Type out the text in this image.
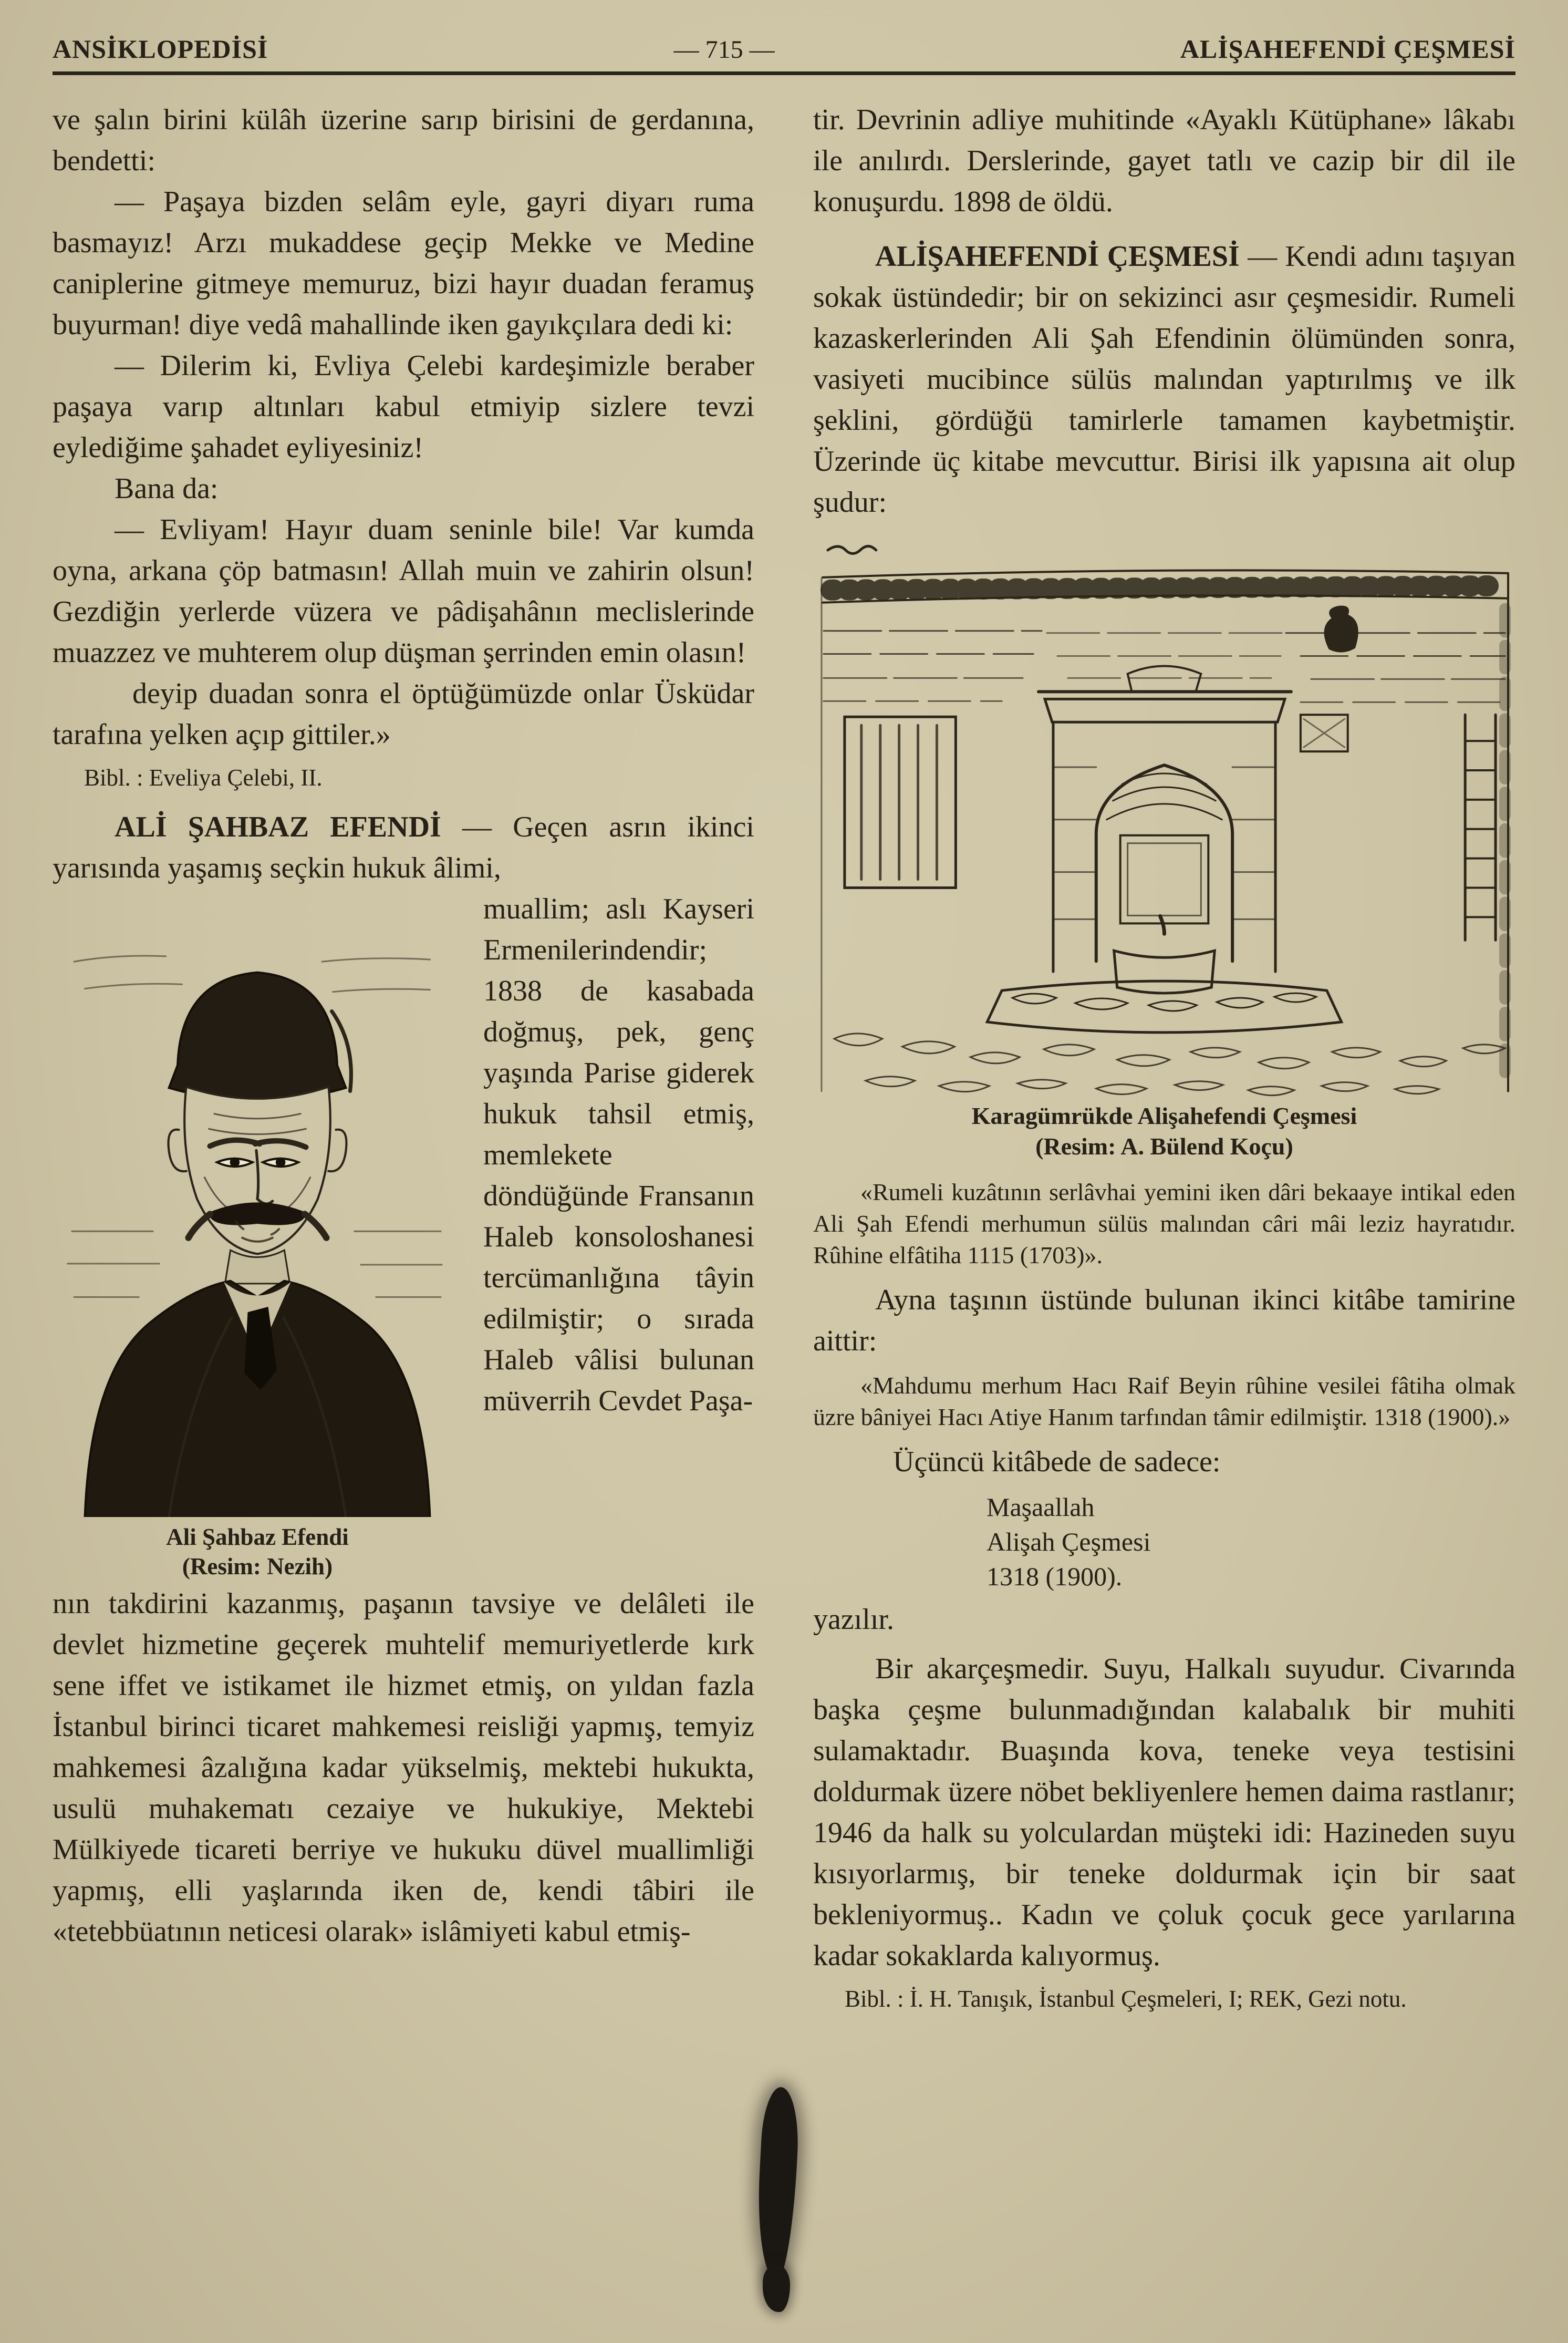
ANSİKLOPEDİSİ	— 715 —	ALİŞAHEFENDİ ÇEŞMESİ

ve şalın birini külâh üzerine sarıp birisini de gerdanına, bendetti:

— Paşaya bizden selâm eyle, gayri diyarı ruma basmayız! Arzı mukaddese geçip Mekke ve Medine caniplerine gitmeye memuruz, bizi hayır duadan feramuş buyurman! diye vedâ mahallinde iken gayıkçılara dedi ki:

— Dilerim ki, Evliya Çelebi kardeşimizle beraber paşaya varıp altınları kabul etmiyip sizlere tevzi eylediğime şahadet eyliyesiniz!

Bana da:

— Evliyam! Hayır duam seninle bile! Var kumda oyna, arkana çöp batmasın! Allah muin ve zahirin olsun! Gezdiğin yerlerde vüzera ve pâdişahânın meclislerinde muazzez ve muhterem olup düşman şerrinden emin olasın!

deyip duadan sonra el öptüğümüzde onlar Üsküdar tarafına yelken açıp gittiler.»

Bibl. : Eveliya Çelebi, II.

ALİ ŞAHBAZ EFENDİ — Geçen asrın ikinci yarısında yaşamış seçkin hukuk âlimi,

Ali Şahbaz Efendi
(Resim: Nezih)

muallim; aslı Kayseri Ermenilerindendir; 1838 de kasabada doğmuş, pek, genç yaşında Parise giderek hukuk tahsil etmiş, memlekete döndüğünde Fransanın Haleb konsoloshanesi tercümanlığına tâyin edilmiştir; o sırada Haleb vâlisi bulunan müverrih Cevdet Paşa-

nın takdirini kazanmış, paşanın tavsiye ve delâleti ile devlet hizmetine geçerek muhtelif memuriyetlerde kırk sene iffet ve istikamet ile hizmet etmiş, on yıldan fazla İstanbul birinci ticaret mahkemesi reisliği yapmış, temyiz mahkemesi âzalığına kadar yükselmiş, mektebi hukukta, usulü muhakematı cezaiye ve hukukiye, Mektebi Mülkiyede ticareti berriye ve hukuku düvel muallimliği yapmış, elli yaşlarında iken de, kendi tâbiri ile «tetebbüatının neticesi olarak» islâmiyeti kabul etmiş-

tir. Devrinin adliye muhitinde «Ayaklı Kütüphane» lâkabı ile anılırdı. Derslerinde, gayet tatlı ve cazip bir dil ile konuşurdu. 1898 de öldü.

ALİŞAHEFENDİ ÇEŞMESİ — Kendi adını taşıyan sokak üstündedir; bir on sekizinci asır çeşmesidir. Rumeli kazaskerlerinden Ali Şah Efendinin ölümünden sonra, vasiyeti mucibince sülüs malından yaptırılmış ve ilk şeklini, gördüğü tamirlerle tamamen kaybetmiştir. Üzerinde üç kitabe mevcuttur. Birisi ilk yapısına ait olup şudur:

Karagümrükde Alişahefendi Çeşmesi
(Resim: A. Bülend Koçu)

«Rumeli kuzâtının serlâvhai yemini iken dâri bekaaye intikal eden Ali Şah Efendi merhumun sülüs malından câri mâi leziz hayratıdır. Rûhine elfâtiha 1115 (1703)».

Ayna taşının üstünde bulunan ikinci kitâbe tamirine aittir:

«Mahdumu merhum Hacı Raif Beyin rûhine vesilei fâtiha olmak üzre bâniyei Hacı Atiye Hanım tarfından tâmir edilmiştir. 1318 (1900).»

Üçüncü kitâbede de sadece:

Maşaallah
Alişah Çeşmesi
1318 (1900).

yazılır.

Bir akarçeşmedir. Suyu, Halkalı suyudur. Civarında başka çeşme bulunmadığından kalabalık bir muhiti sulamaktadır. Buaşında kova, teneke veya testisini doldurmak üzere nöbet bekliyenlere hemen daima rastlanır; 1946 da halk su yolculardan müşteki idi: Hazineden suyu kısıyorlarmış, bir teneke doldurmak için bir saat bekleniyormuş.. Kadın ve çoluk çocuk gece yarılarına kadar sokaklarda kalıyormuş.

Bibl. : İ. H. Tanışık, İstanbul Çeşmeleri, I; REK, Gezi notu.
